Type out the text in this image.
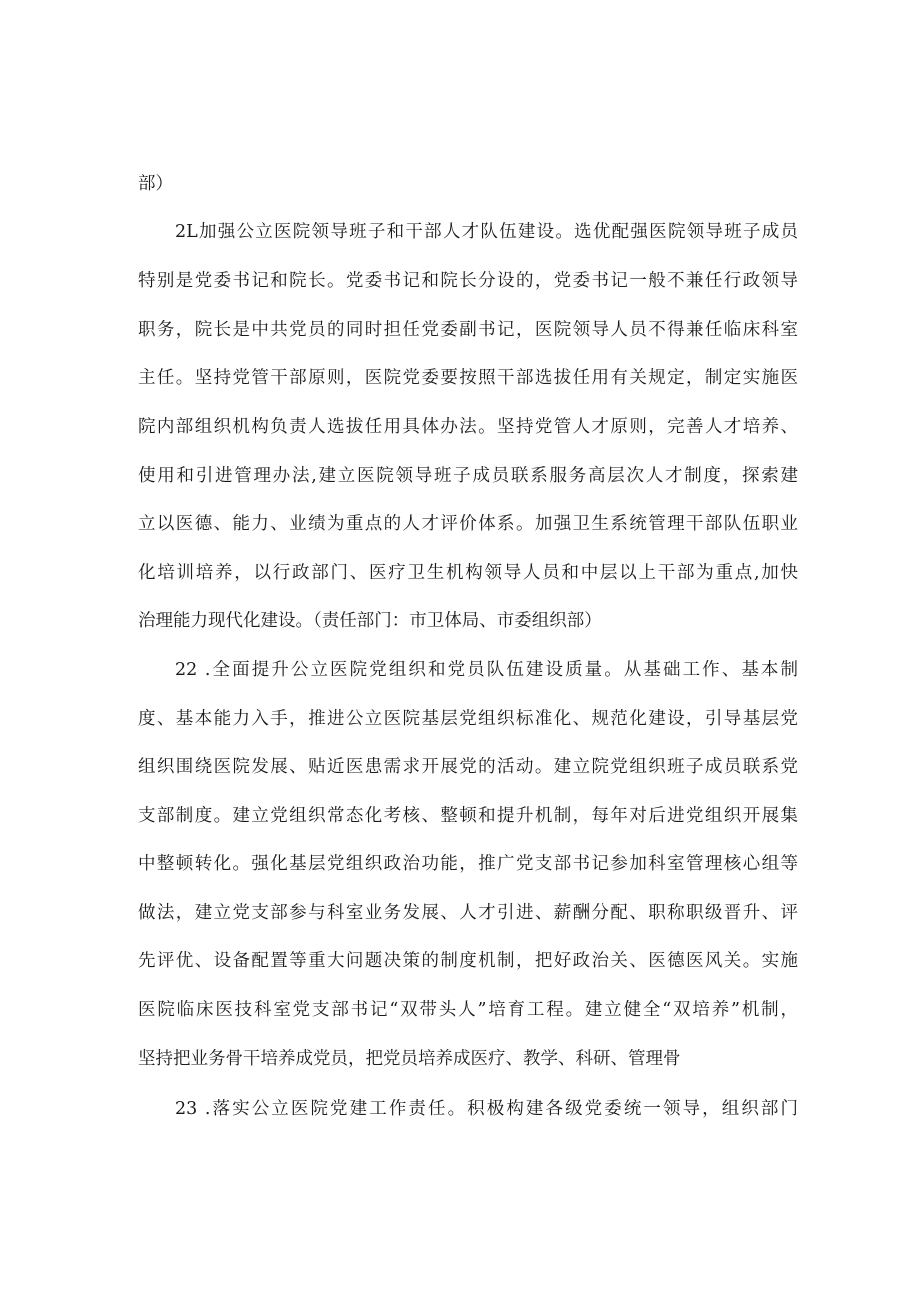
部）
2L加强公立医院领导班子和干部人才队伍建设。选优配强医院领导班子成员
特别是党委书记和院长。党委书记和院长分设的，党委书记一般不兼任行政领导
职务，院长是中共党员的同时担任党委副书记，医院领导人员不得兼任临床科室
主任。坚持党管干部原则，医院党委要按照干部选拔任用有关规定，制定实施医
院内部组织机构负责人选拔任用具体办法。坚持党管人才原则，完善人才培养、
使用和引进管理办法,建立医院领导班子成员联系服务高层次人才制度，探索建
立以医德、能力、业绩为重点的人才评价体系。加强卫生系统管理干部队伍职业
化培训培养，以行政部门、医疗卫生机构领导人员和中层以上干部为重点,加快
治理能力现代化建设。（责任部门：市卫体局、市委组织部）
22 .全面提升公立医院党组织和党员队伍建设质量。从基础工作、基本制
度、基本能力入手，推进公立医院基层党组织标准化、规范化建设，引导基层党
组织围绕医院发展、贴近医患需求开展党的活动。建立院党组织班子成员联系党
支部制度。建立党组织常态化考核、整顿和提升机制，每年对后进党组织开展集
中整顿转化。强化基层党组织政治功能，推广党支部书记参加科室管理核心组等
做法，建立党支部参与科室业务发展、人才引进、薪酬分配、职称职级晋升、评
先评优、设备配置等重大问题决策的制度机制，把好政治关、医德医风关。实施
医院临床医技科室党支部书记“双带头人”培育工程。建立健全“双培养”机制，
坚持把业务骨干培养成党员，把党员培养成医疗、教学、科研、管理骨
23 .落实公立医院党建工作责任。积极构建各级党委统一领导，组织部门
